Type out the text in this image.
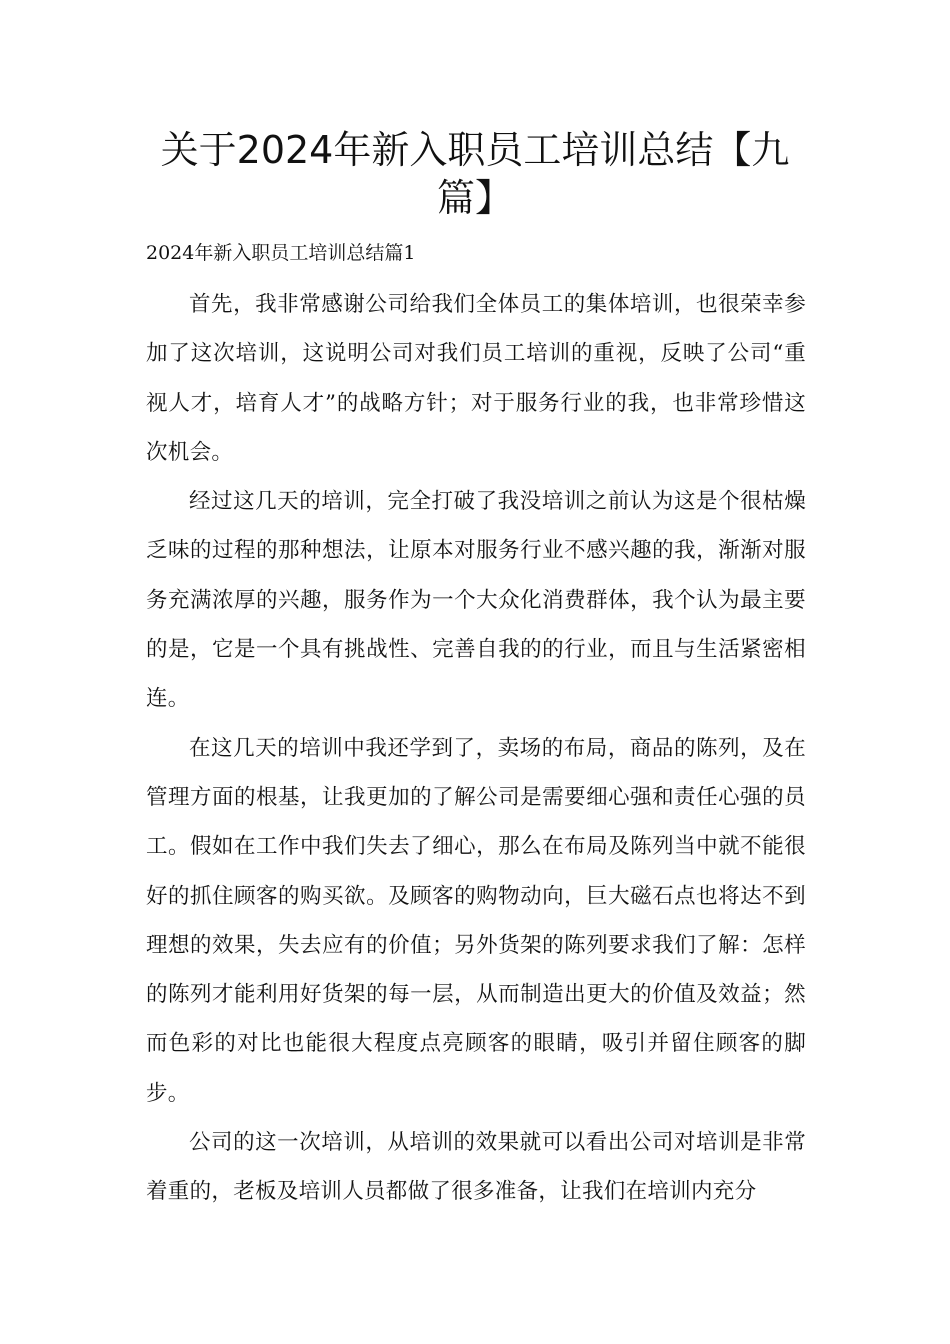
关于2024年新入职员工培训总结【九篇】

2024年新入职员工培训总结篇1

首先，我非常感谢公司给我们全体员工的集体培训，也很荣幸参加了这次培训，这说明公司对我们员工培训的重视，反映了公司“重视人才，培育人才”的战略方针；对于服务行业的我，也非常珍惜这次机会。

经过这几天的培训，完全打破了我没培训之前认为这是个很枯燥乏味的过程的那种想法，让原本对服务行业不感兴趣的我，渐渐对服务充满浓厚的兴趣，服务作为一个大众化消费群体，我个认为最主要的是，它是一个具有挑战性、完善自我的的行业，而且与生活紧密相连。

在这几天的培训中我还学到了，卖场的布局，商品的陈列，及在管理方面的根基，让我更加的了解公司是需要细心强和责任心强的员工。假如在工作中我们失去了细心，那么在布局及陈列当中就不能很好的抓住顾客的购买欲。及顾客的购物动向，巨大磁石点也将达不到理想的效果，失去应有的价值；另外货架的陈列要求我们了解：怎样的陈列才能利用好货架的每一层，从而制造出更大的价值及效益；然而色彩的对比也能很大程度点亮顾客的眼睛，吸引并留住顾客的脚步。

公司的这一次培训，从培训的效果就可以看出公司对培训是非常着重的，老板及培训人员都做了很多准备，让我们在培训内充分
